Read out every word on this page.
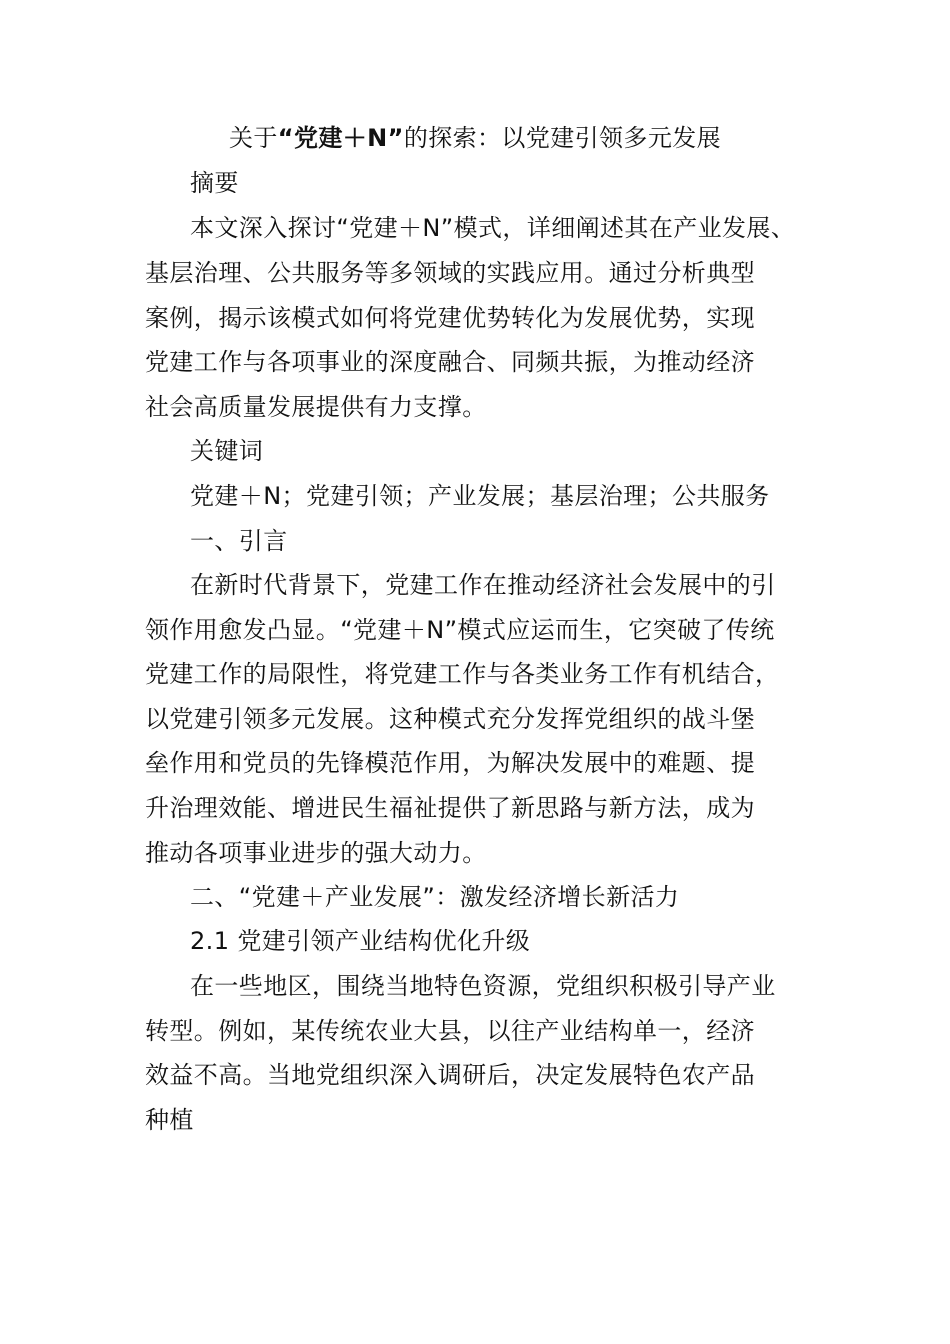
关于“党建＋N”的探索：以党建引领多元发展
摘要
本文深入探讨“党建＋N”模式，详细阐述其在产业发展、
基层治理、公共服务等多领域的实践应用。通过分析典型
案例，揭示该模式如何将党建优势转化为发展优势，实现
党建工作与各项事业的深度融合、同频共振，为推动经济
社会高质量发展提供有力支撑。
关键词
党建＋N；党建引领；产业发展；基层治理；公共服务
一、引言
在新时代背景下，党建工作在推动经济社会发展中的引
领作用愈发凸显。“党建＋N”模式应运而生，它突破了传统
党建工作的局限性，将党建工作与各类业务工作有机结合，
以党建引领多元发展。这种模式充分发挥党组织的战斗堡
垒作用和党员的先锋模范作用，为解决发展中的难题、提
升治理效能、增进民生福祉提供了新思路与新方法，成为
推动各项事业进步的强大动力。
二、“党建＋产业发展”：激发经济增长新活力
2.1 党建引领产业结构优化升级
在一些地区，围绕当地特色资源，党组织积极引导产业
转型。例如，某传统农业大县，以往产业结构单一，经济
效益不高。当地党组织深入调研后，决定发展特色农产品
种植
